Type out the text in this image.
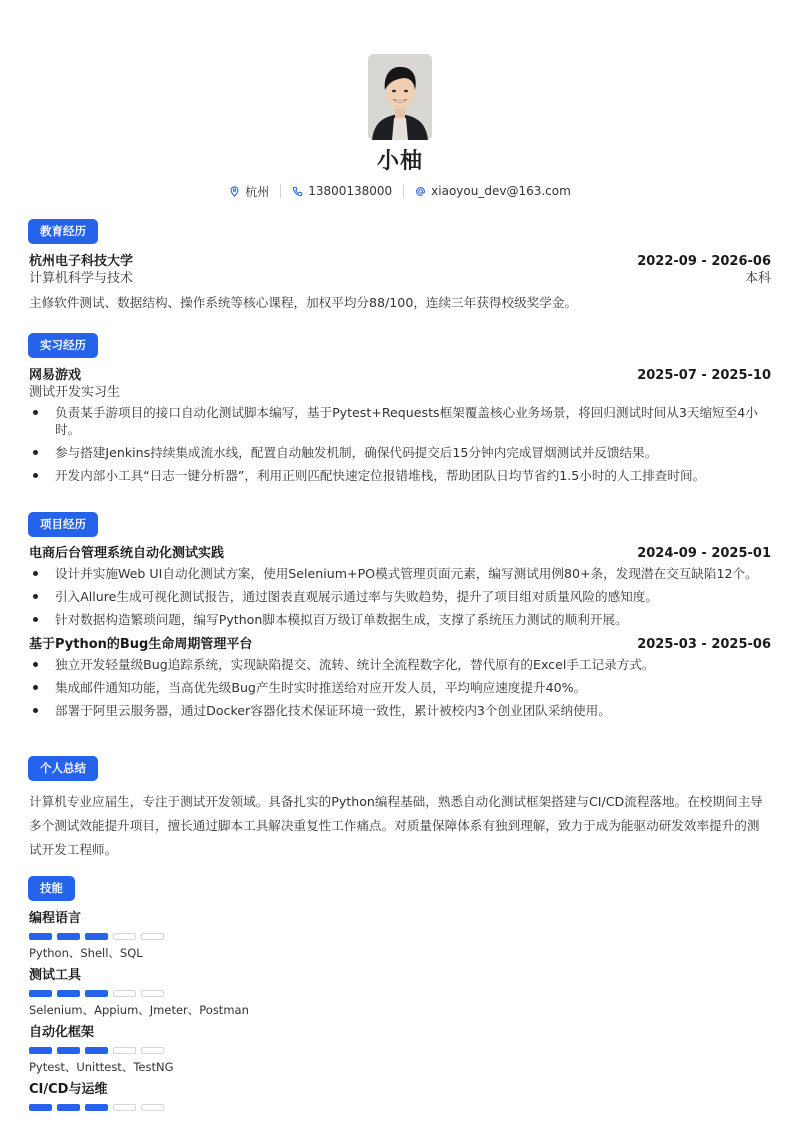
小柚
杭州	13800138000	xiaoyou_dev@163.com
教育经历
杭州电子科技大学	2022-09 - 2026-06
计算机科学与技术	本科
主修软件测试、数据结构、操作系统等核心课程，加权平均分88/100，连续三年获得校级奖学金。
实习经历
网易游戏	2025-07 - 2025-10
测试开发实习生
负责某手游项目的接口自动化测试脚本编写，基于Pytest+Requests框架覆盖核心业务场景，将回归测试时间从3天缩短至4小时。
参与搭建Jenkins持续集成流水线，配置自动触发机制，确保代码提交后15分钟内完成冒烟测试并反馈结果。
开发内部小工具“日志一键分析器”，利用正则匹配快速定位报错堆栈，帮助团队日均节省约1.5小时的人工排查时间。
项目经历
电商后台管理系统自动化测试实践	2024-09 - 2025-01
设计并实施Web UI自动化测试方案，使用Selenium+PO模式管理页面元素，编写测试用例80+条，发现潜在交互缺陷12个。
引入Allure生成可视化测试报告，通过图表直观展示通过率与失败趋势，提升了项目组对质量风险的感知度。
针对数据构造繁琐问题，编写Python脚本模拟百万级订单数据生成，支撑了系统压力测试的顺利开展。
基于Python的Bug生命周期管理平台	2025-03 - 2025-06
独立开发轻量级Bug追踪系统，实现缺陷提交、流转、统计全流程数字化，替代原有的Excel手工记录方式。
集成邮件通知功能，当高优先级Bug产生时实时推送给对应开发人员，平均响应速度提升40%。
部署于阿里云服务器，通过Docker容器化技术保证环境一致性，累计被校内3个创业团队采纳使用。
个人总结
计算机专业应届生，专注于测试开发领域。具备扎实的Python编程基础，熟悉自动化测试框架搭建与CI/CD流程落地。在校期间主导多个测试效能提升项目，擅长通过脚本工具解决重复性工作痛点。对质量保障体系有独到理解，致力于成为能驱动研发效率提升的测试开发工程师。
技能
编程语言
Python、Shell、SQL
测试工具
Selenium、Appium、Jmeter、Postman
自动化框架
Pytest、Unittest、TestNG
CI/CD与运维
